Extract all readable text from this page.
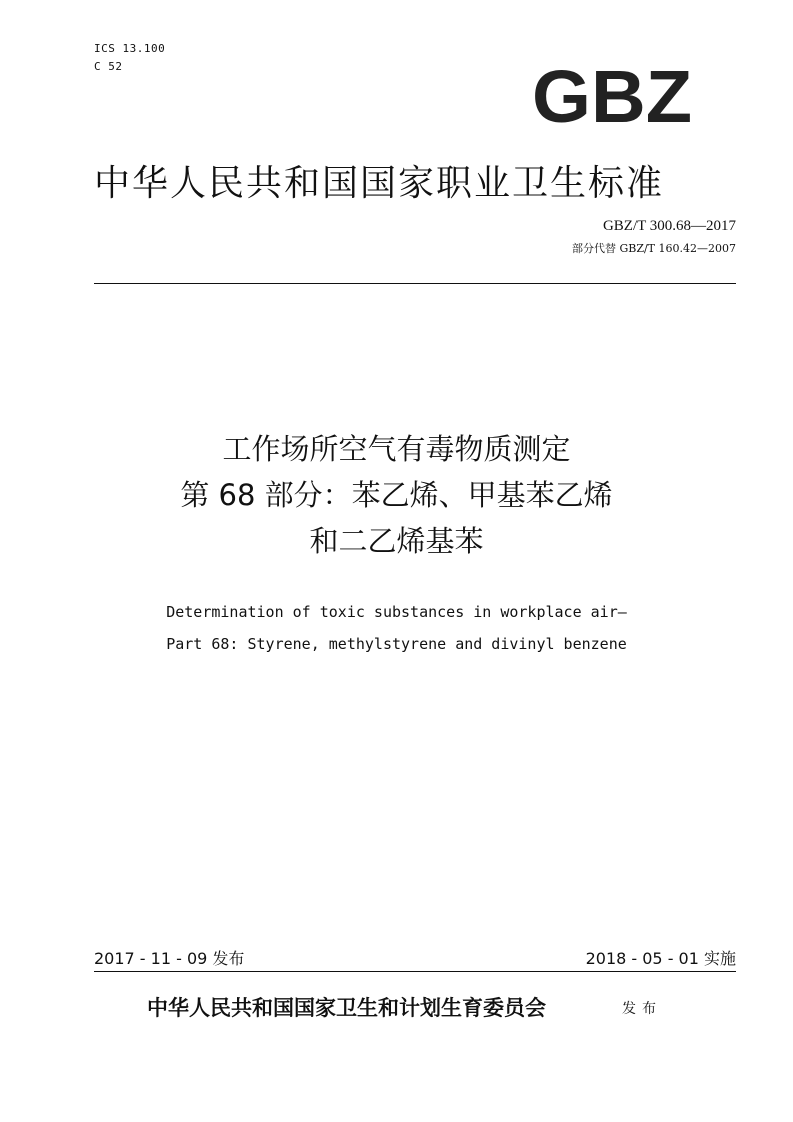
ICS 13.100
C 52	GBZ
中华人民共和国国家职业卫生标准
GBZ/T 300.68—2017
部分代替 GBZ/T 160.42—2007
工作场所空气有毒物质测定
第 68 部分：苯乙烯、甲基苯乙烯
和二乙烯基苯
Determination of toxic substances in workplace air—
Part 68: Styrene, methylstyrene and divinyl benzene
2017 - 11 - 09 发布	2018 - 05 - 01 实施
中华人民共和国国家卫生和计划生育委员会	发布
